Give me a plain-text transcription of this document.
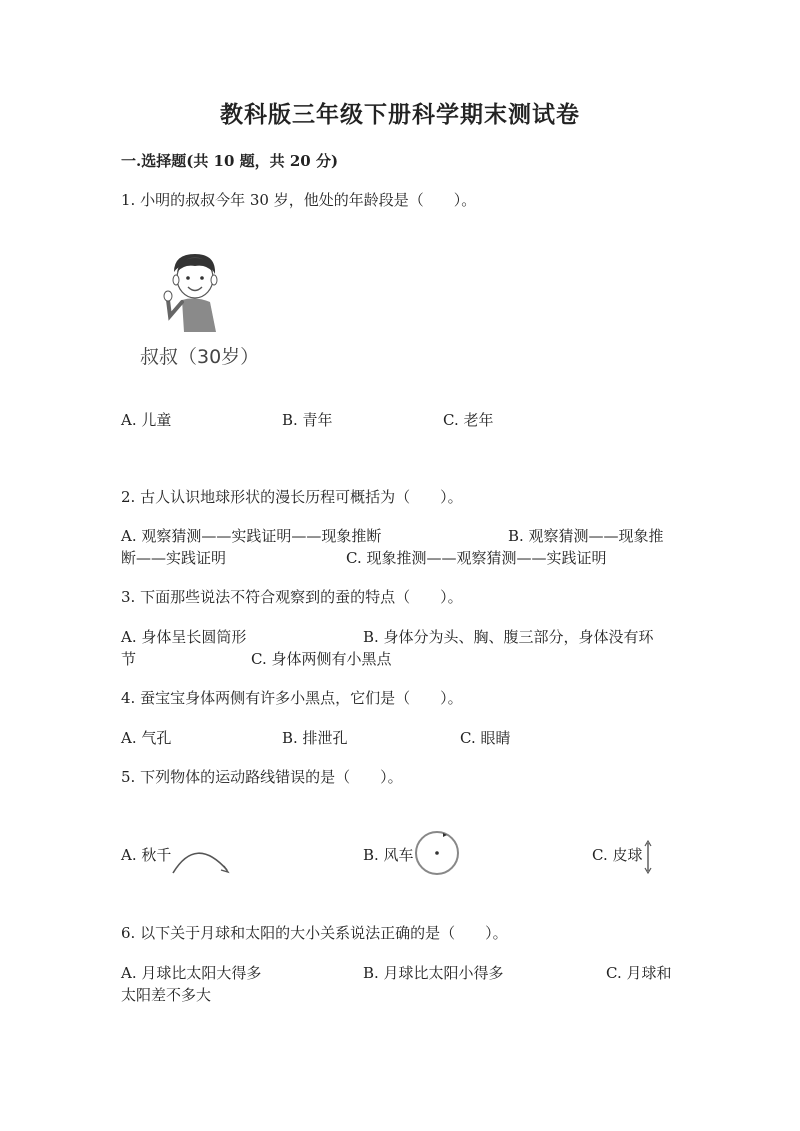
教科版三年级下册科学期末测试卷
一.选择题(共 10 题，共 20 分)
1. 小明的叔叔今年 30 岁，他处的年龄段是（　　）。
叔叔（30岁）
A. 儿童	B. 青年	C. 老年
2. 古人认识地球形状的漫长历程可概括为（　　）。
A. 观察猜测——实践证明——现象推断	B. 观察猜测——现象推
断——实践证明	C. 现象推测——观察猜测——实践证明
3. 下面那些说法不符合观察到的蚕的特点（　　）。
A. 身体呈长圆筒形	B. 身体分为头、胸、腹三部分，身体没有环
节	C. 身体两侧有小黑点
4. 蚕宝宝身体两侧有许多小黑点，它们是（　　）。
A. 气孔	B. 排泄孔	C. 眼睛
5. 下列物体的运动路线错误的是（　　）。
A. 秋千	B. 风车	C. 皮球
6. 以下关于月球和太阳的大小关系说法正确的是（　　）。
A. 月球比太阳大得多	B. 月球比太阳小得多	C. 月球和
太阳差不多大
